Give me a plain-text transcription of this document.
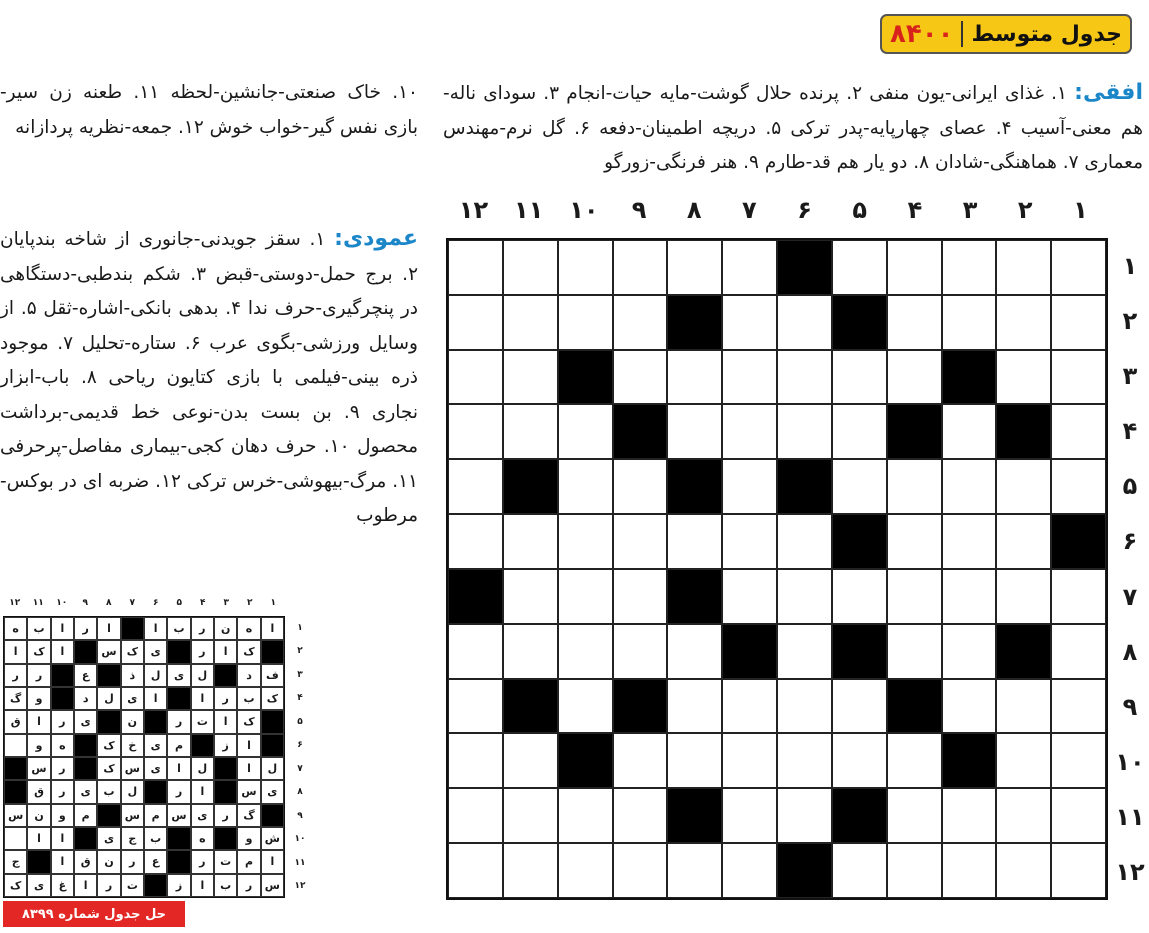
جدول متوسط
۸۴۰۰
افقی: ۱. غذای ایرانی-یون منفی ۲. پرنده حلال گوشت-مایه حیات-انجام ۳. سودای ناله-هم معنی-آسیب ۴. عصای چهارپایه-پدر ترکی ۵. دریچه اطمینان-دفعه ۶. گل نرم-مهندس معماری ۷. هماهنگی-شادان ۸. دو یار هم قد-طارم ۹. هنر فرنگی-زورگو
۱۰. خاک صنعتی-جانشین-لحظه ۱۱. طعنه زن سیر-بازی نفس گیر-خواب خوش ۱۲. جمعه-نظریه پردازانه
عمودی: ۱. سقز جویدنی-جانوری از شاخه بندپایان ۲. برج حمل-دوستی-قبض ۳. شکم بندطبی-دستگاهی در پنچرگیری-حرف ندا ۴. بدهی بانکی-اشاره-ثقل ۵. از وسایل ورزشی-بگوی عرب ۶. ستاره-تحلیل ۷. موجود ذره بینی-فیلمی با بازی کتایون ریاحی ۸. باب-ابزار نجاری ۹. بن بست بدن-نوعی خط قدیمی-برداشت محصول ۱۰. حرف دهان کجی-بیماری مفاصل-پرحرفی ۱۱. مرگ-بیهوشی-خرس ترکی ۱۲. ضربه ای در بوکس-مرطوب
۱
۲
۳
۴
۵
۶
۷
۸
۹
۱۰
۱۱
۱۲
۱
۲
۳
۴
۵
۶
۷
۸
۹
۱۰
۱۱
۱۲
۱
۲
۳
۴
۵
۶
۷
۸
۹
۱۰
۱۱
۱۲
۱
۲
۳
۴
۵
۶
۷
۸
۹
۱۰
۱۱
۱۲
ا
ه
ن
ر
ب
ا
ا
ر
ا
ب
ه
ک
ا
ر
ی
ک
س
ا
ک
ا
ف
د
ل
ی
ل
ذ
ع
ر
ر
ک
ب
ر
ا
ا
ی
ل
د
و
گ
ک
ا
ت
ر
ن
ی
ر
ا
ق
ا
ز
م
ی
خ
ک
ه
و
ل
ا
ل
ا
ی
س
ک
ر
س
ی
س
ا
ر
ل
ب
ی
ر
ق
گ
ر
ی
س
م
س
م
و
ن
س
ش
و
ه
ب
ج
ی
ا
ا
ا
م
ت
ر
ع
ر
ن
ق
ا
ج
س
ر
ب
ا
ز
ت
ر
ا
غ
ی
ک
حل جدول شماره ۸۳۹۹
